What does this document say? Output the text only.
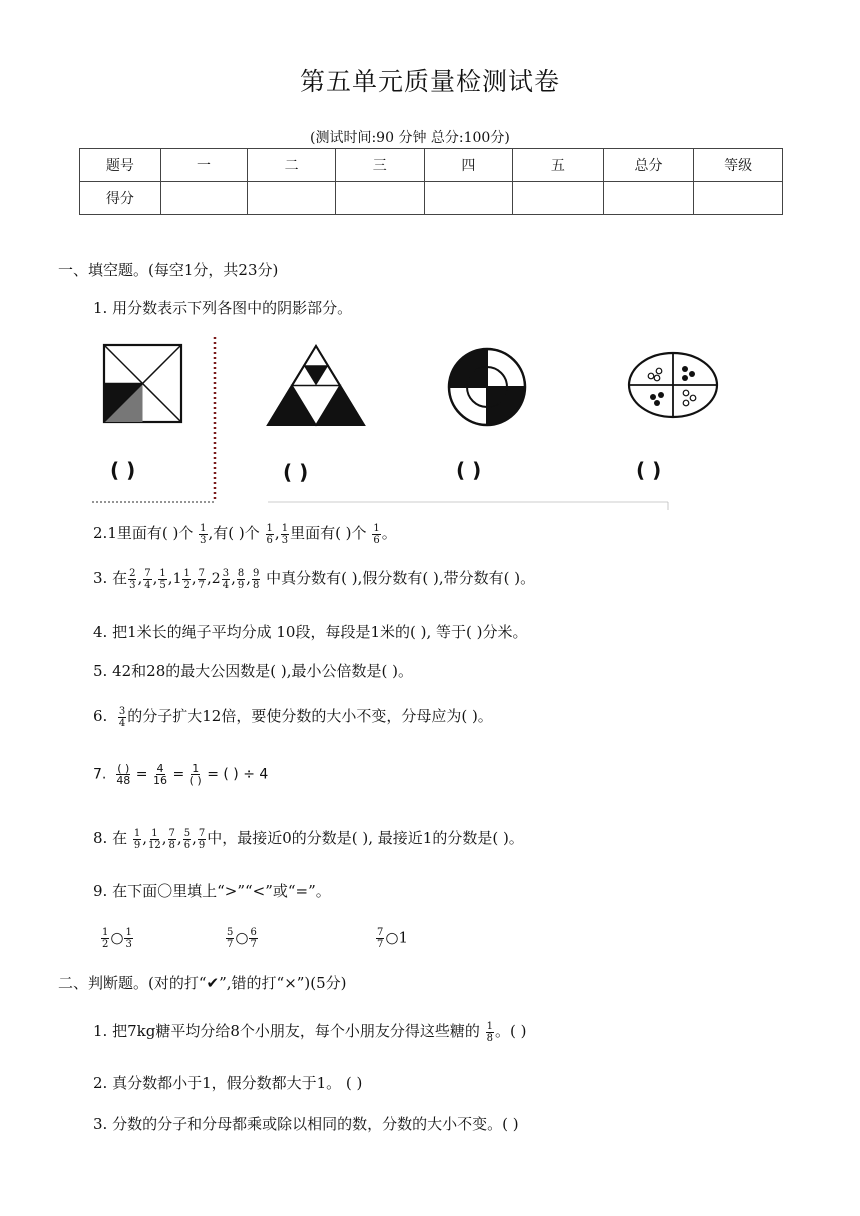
第五单元质量检测试卷
(测试时间:90 分钟 总分:100分)
题号	一	二	三	四	五	总分	等级
得分							
一、填空题。(每空1分，共23分)
1. 用分数表示下列各图中的阴影部分。
( )	( )	( )	( )
2.1里面有( )个 $\frac{1}{3}$ ,有( )个 $\frac{1}{6}$ , $\frac{1}{3}$ 里面有( )个 $\frac{1}{6}$ 。
3. 在 $\frac{2}{3}$ , $\frac{7}{4}$ , $\frac{1}{5} ,1 \frac{1}{2}$ , $\frac{7}{7} ,2 \frac{3}{4}$ , $\frac{8}{9}$ , $\frac{9}{8}$ 中真分数有( ),假分数有( ),带分数有( )。
4. 把1米长的绳子平均分成 10段，每段是1米的( ), 等于( )分米。
5. 42和28的最大公因数是( ),最小公倍数是( )。
6. $\frac{3}{4}$ 的分子扩大12倍，要使分数的大小不变，分母应为( )。
7. $\frac{( )}{48} = \frac{4}{16} = \frac{1}{( )}$ = ( ) ÷ 4
8. 在 $\frac{1}{9}$ , $\frac{1}{12}$ , $\frac{7}{8}$ , $\frac{5}{6}$ , $\frac{7}{9}$ 中，最接近0的分数是( ), 最接近1的分数是( )。
9. 在下面〇里填上“>”“<”或“=”。
$\frac{1}{2}$ ○ $\frac{1}{3}$	$\frac{5}{7}$ ○ $\frac{6}{7}$	$\frac{7}{7}$ ○1
二、判断题。(对的打“✔”,错的打“×”)(5分)
1. 把7kg糖平均分给8个小朋友，每个小朋友分得这些糖的 $\frac{1}{8}$ 。( )
2. 真分数都小于1，假分数都大于1。 ( )
3. 分数的分子和分母都乘或除以相同的数，分数的大小不变。( )
